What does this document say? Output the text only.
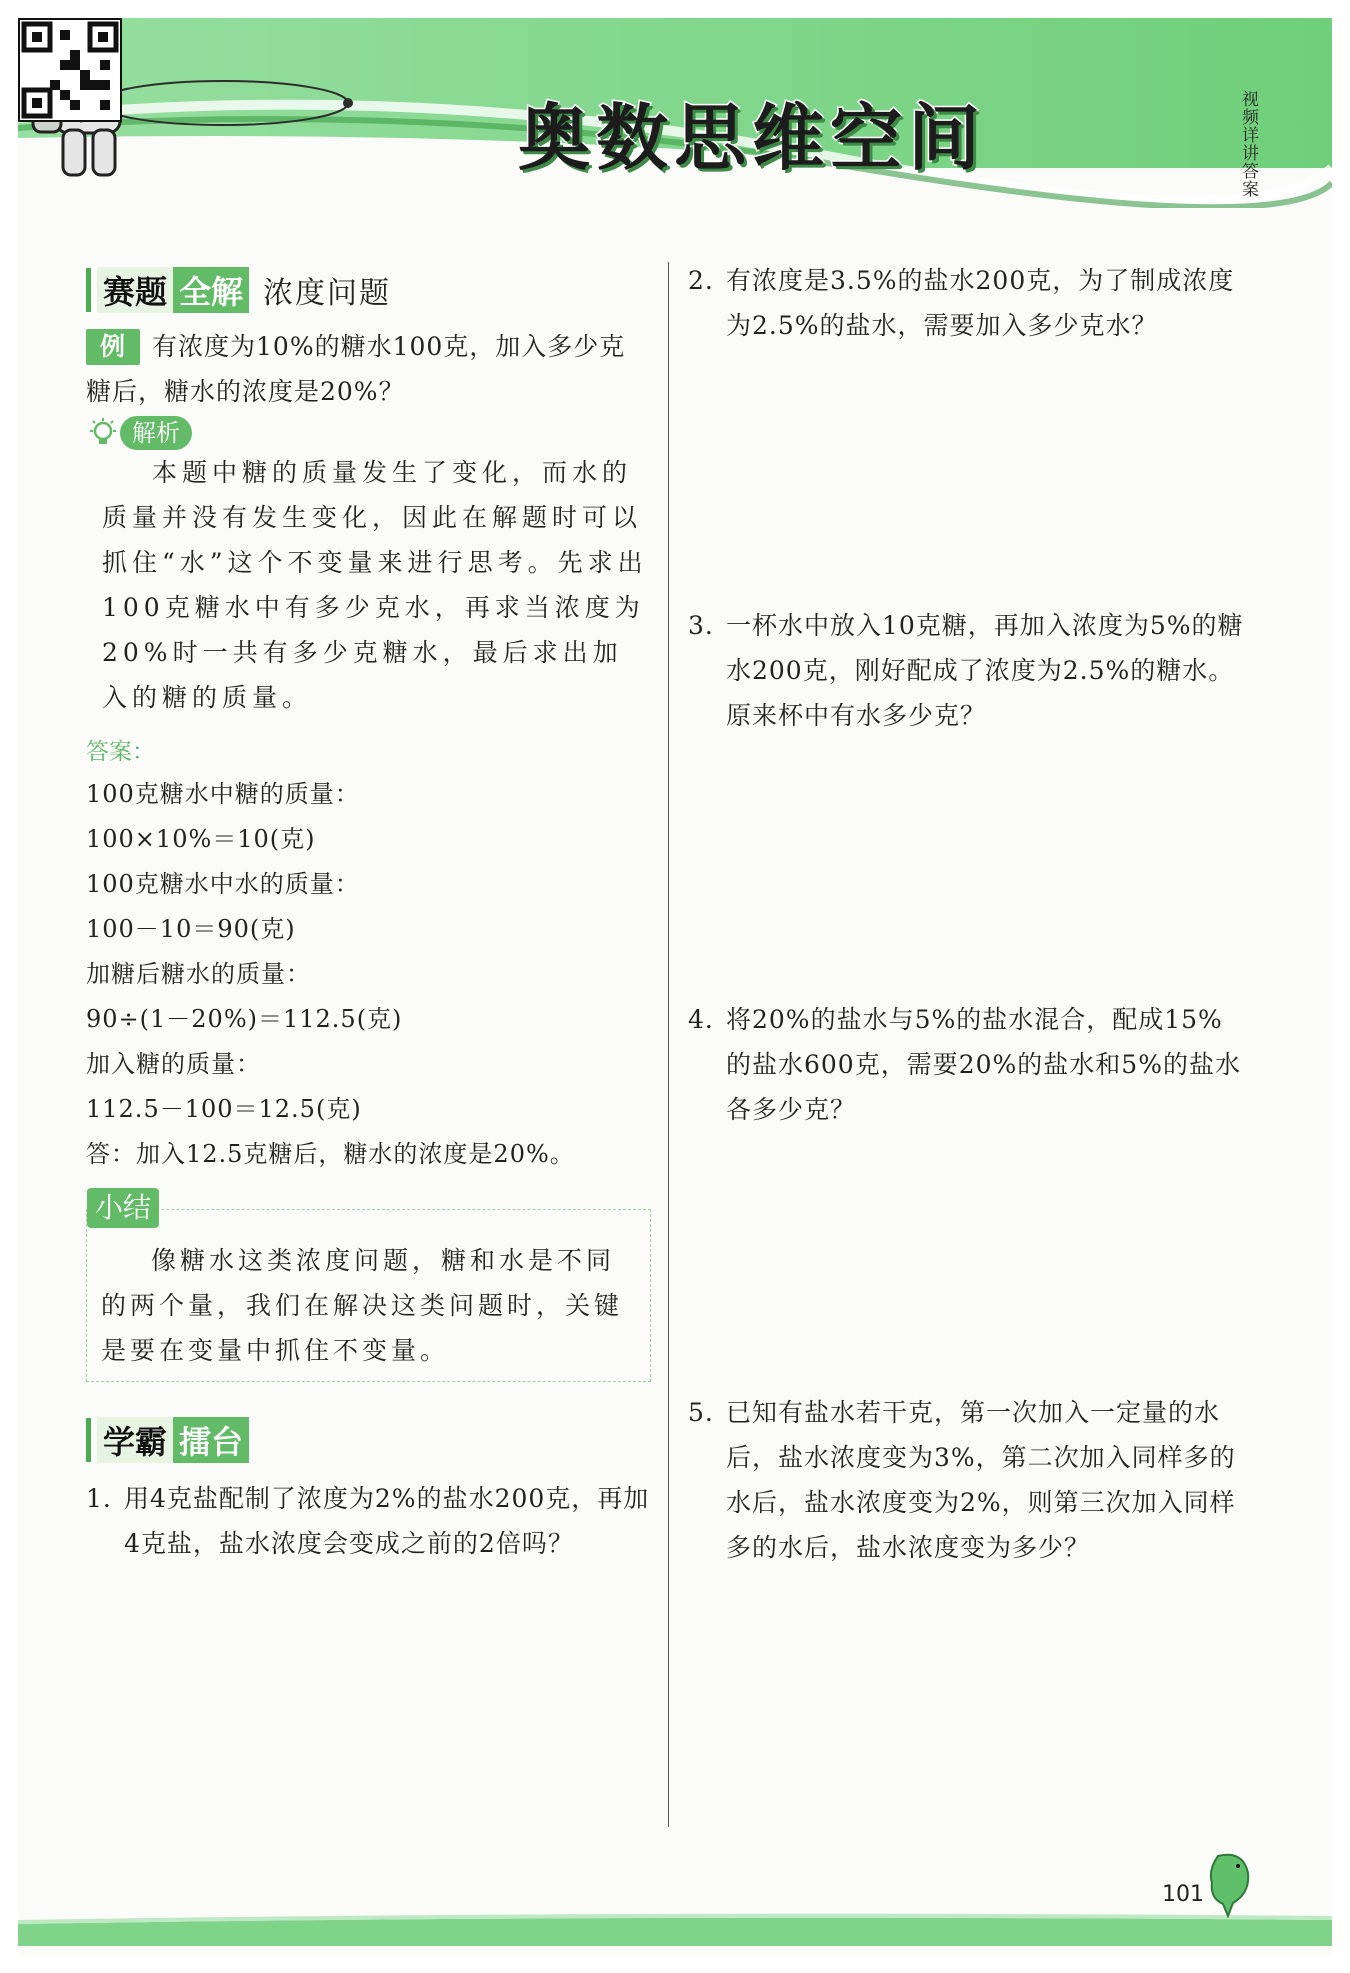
奥数思维空间	视频详讲答案
赛题 全解 浓度问题
例 有浓度为10%的糖水100克，加入多少克糖后，糖水的浓度是20%？
解析
本题中糖的质量发生了变化，而水的质量并没有发生变化，因此在解题时可以抓住“水”这个不变量来进行思考。先求出100克糖水中有多少克水，再求当浓度为20%时一共有多少克糖水，最后求出加入的糖的质量。
答案：
100克糖水中糖的质量：
100×10%＝10(克)
100克糖水中水的质量：
100－10＝90(克)
加糖后糖水的质量：
90÷(1－20%)＝112.5(克)
加入糖的质量：
112.5－100＝12.5(克)
答：加入12.5克糖后，糖水的浓度是20%。
小结
像糖水这类浓度问题，糖和水是不同的两个量，我们在解决这类问题时，关键是要在变量中抓住不变量。
学霸 擂台
1. 用4克盐配制了浓度为2%的盐水200克，再加4克盐，盐水浓度会变成之前的2倍吗？
2. 有浓度是3.5%的盐水200克，为了制成浓度为2.5%的盐水，需要加入多少克水？
3. 一杯水中放入10克糖，再加入浓度为5%的糖水200克，刚好配成了浓度为2.5%的糖水。原来杯中有水多少克？
4. 将20%的盐水与5%的盐水混合，配成15%的盐水600克，需要20%的盐水和5%的盐水各多少克？
5. 已知有盐水若干克，第一次加入一定量的水后，盐水浓度变为3%，第二次加入同样多的水后，盐水浓度变为2%，则第三次加入同样多的水后，盐水浓度变为多少？
101
